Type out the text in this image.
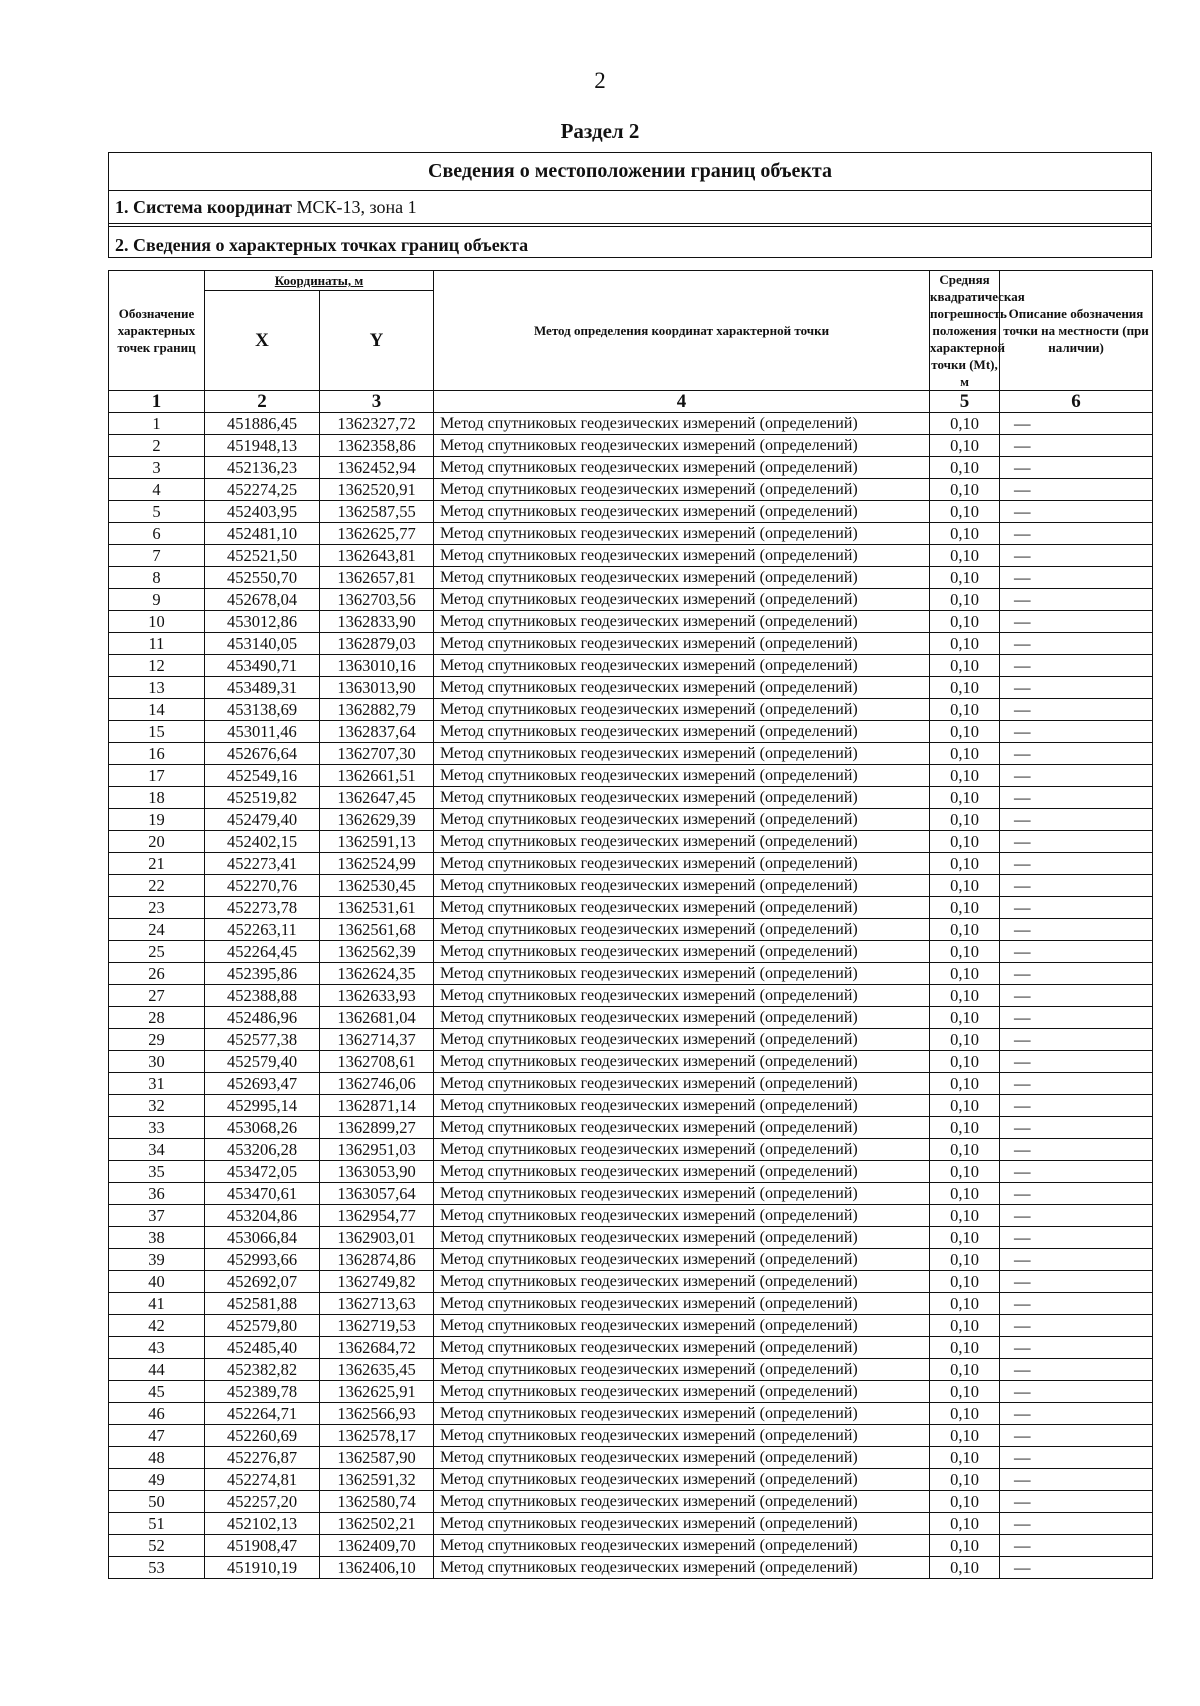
2
Раздел 2
Сведения о местоположении границ объекта
1. Система координат МСК-13, зона 1
2. Сведения о характерных точках границ объекта
Обозначение характерных точек границ	Координаты, м		Метод определения координат характерной точки	Средняя квадратическая погрешность положения характерной точки (Mt), м	Описание обозначения точки на местности (при наличии)
	X	Y			
1	2	3	4	5	6
1	451886,45	1362327,72	Метод спутниковых геодезических измерений (определений)	0,10	—
2	451948,13	1362358,86	Метод спутниковых геодезических измерений (определений)	0,10	—
3	452136,23	1362452,94	Метод спутниковых геодезических измерений (определений)	0,10	—
4	452274,25	1362520,91	Метод спутниковых геодезических измерений (определений)	0,10	—
5	452403,95	1362587,55	Метод спутниковых геодезических измерений (определений)	0,10	—
6	452481,10	1362625,77	Метод спутниковых геодезических измерений (определений)	0,10	—
7	452521,50	1362643,81	Метод спутниковых геодезических измерений (определений)	0,10	—
8	452550,70	1362657,81	Метод спутниковых геодезических измерений (определений)	0,10	—
9	452678,04	1362703,56	Метод спутниковых геодезических измерений (определений)	0,10	—
10	453012,86	1362833,90	Метод спутниковых геодезических измерений (определений)	0,10	—
11	453140,05	1362879,03	Метод спутниковых геодезических измерений (определений)	0,10	—
12	453490,71	1363010,16	Метод спутниковых геодезических измерений (определений)	0,10	—
13	453489,31	1363013,90	Метод спутниковых геодезических измерений (определений)	0,10	—
14	453138,69	1362882,79	Метод спутниковых геодезических измерений (определений)	0,10	—
15	453011,46	1362837,64	Метод спутниковых геодезических измерений (определений)	0,10	—
16	452676,64	1362707,30	Метод спутниковых геодезических измерений (определений)	0,10	—
17	452549,16	1362661,51	Метод спутниковых геодезических измерений (определений)	0,10	—
18	452519,82	1362647,45	Метод спутниковых геодезических измерений (определений)	0,10	—
19	452479,40	1362629,39	Метод спутниковых геодезических измерений (определений)	0,10	—
20	452402,15	1362591,13	Метод спутниковых геодезических измерений (определений)	0,10	—
21	452273,41	1362524,99	Метод спутниковых геодезических измерений (определений)	0,10	—
22	452270,76	1362530,45	Метод спутниковых геодезических измерений (определений)	0,10	—
23	452273,78	1362531,61	Метод спутниковых геодезических измерений (определений)	0,10	—
24	452263,11	1362561,68	Метод спутниковых геодезических измерений (определений)	0,10	—
25	452264,45	1362562,39	Метод спутниковых геодезических измерений (определений)	0,10	—
26	452395,86	1362624,35	Метод спутниковых геодезических измерений (определений)	0,10	—
27	452388,88	1362633,93	Метод спутниковых геодезических измерений (определений)	0,10	—
28	452486,96	1362681,04	Метод спутниковых геодезических измерений (определений)	0,10	—
29	452577,38	1362714,37	Метод спутниковых геодезических измерений (определений)	0,10	—
30	452579,40	1362708,61	Метод спутниковых геодезических измерений (определений)	0,10	—
31	452693,47	1362746,06	Метод спутниковых геодезических измерений (определений)	0,10	—
32	452995,14	1362871,14	Метод спутниковых геодезических измерений (определений)	0,10	—
33	453068,26	1362899,27	Метод спутниковых геодезических измерений (определений)	0,10	—
34	453206,28	1362951,03	Метод спутниковых геодезических измерений (определений)	0,10	—
35	453472,05	1363053,90	Метод спутниковых геодезических измерений (определений)	0,10	—
36	453470,61	1363057,64	Метод спутниковых геодезических измерений (определений)	0,10	—
37	453204,86	1362954,77	Метод спутниковых геодезических измерений (определений)	0,10	—
38	453066,84	1362903,01	Метод спутниковых геодезических измерений (определений)	0,10	—
39	452993,66	1362874,86	Метод спутниковых геодезических измерений (определений)	0,10	—
40	452692,07	1362749,82	Метод спутниковых геодезических измерений (определений)	0,10	—
41	452581,88	1362713,63	Метод спутниковых геодезических измерений (определений)	0,10	—
42	452579,80	1362719,53	Метод спутниковых геодезических измерений (определений)	0,10	—
43	452485,40	1362684,72	Метод спутниковых геодезических измерений (определений)	0,10	—
44	452382,82	1362635,45	Метод спутниковых геодезических измерений (определений)	0,10	—
45	452389,78	1362625,91	Метод спутниковых геодезических измерений (определений)	0,10	—
46	452264,71	1362566,93	Метод спутниковых геодезических измерений (определений)	0,10	—
47	452260,69	1362578,17	Метод спутниковых геодезических измерений (определений)	0,10	—
48	452276,87	1362587,90	Метод спутниковых геодезических измерений (определений)	0,10	—
49	452274,81	1362591,32	Метод спутниковых геодезических измерений (определений)	0,10	—
50	452257,20	1362580,74	Метод спутниковых геодезических измерений (определений)	0,10	—
51	452102,13	1362502,21	Метод спутниковых геодезических измерений (определений)	0,10	—
52	451908,47	1362409,70	Метод спутниковых геодезических измерений (определений)	0,10	—
53	451910,19	1362406,10	Метод спутниковых геодезических измерений (определений)	0,10	—
